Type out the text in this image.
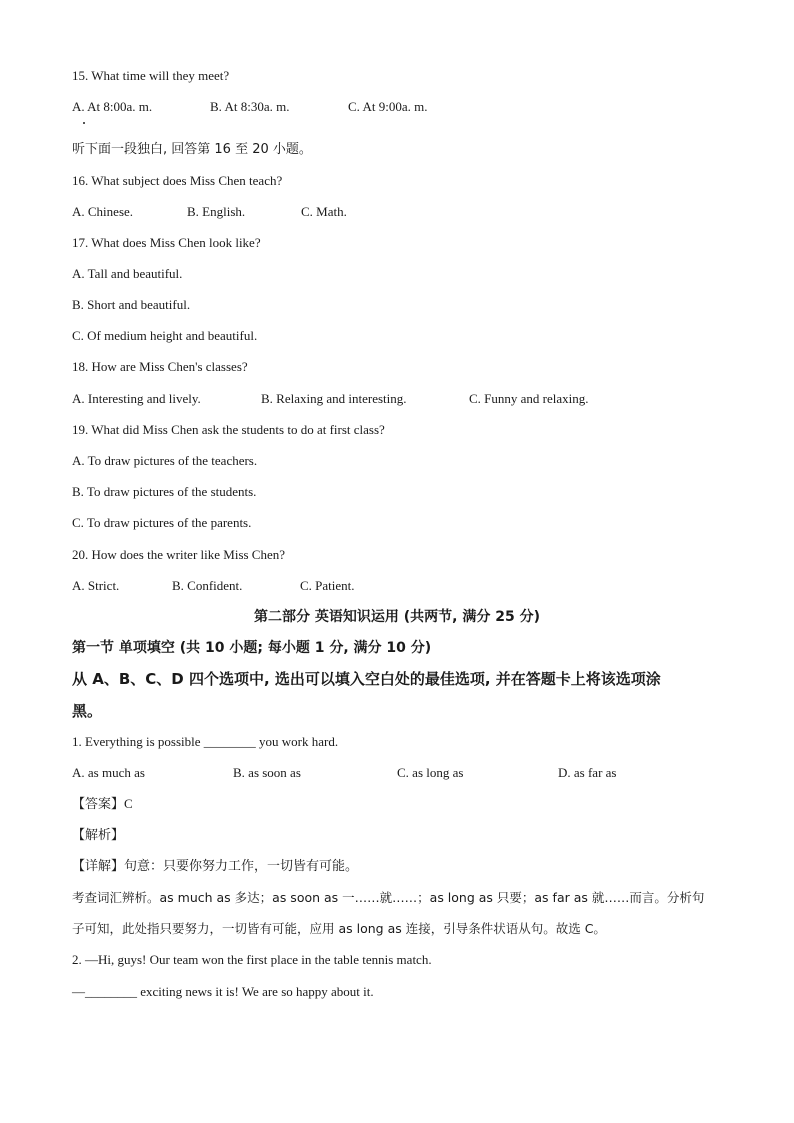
15. What time will they meet?
A. At 8:00a. m.	B. At 8:30a. m.	C. At 9:00a. m.
听下面一段独白, 回答第 16 至 20 小题。
16. What subject does Miss Chen teach?
A. Chinese.	B. English.	C. Math.
17. What does Miss Chen look like?
A. Tall and beautiful.
B. Short and beautiful.
C. Of medium height and beautiful.
18. How are Miss Chen's classes?
A. Interesting and lively.	B. Relaxing and interesting.	C. Funny and relaxing.
19. What did Miss Chen ask the students to do at first class?
A. To draw pictures of the teachers.
B. To draw pictures of the students.
C. To draw pictures of the parents.
20. How does the writer like Miss Chen?
A. Strict.	B. Confident.	C. Patient.
第二部分 英语知识运用 (共两节, 满分 25 分)
第一节 单项填空 (共 10 小题; 每小题 1 分, 满分 10 分)
从 A、B、C、D 四个选项中, 选出可以填入空白处的最佳选项, 并在答题卡上将该选项涂
黑。
1. Everything is possible ________ you work hard.
A. as much as	B. as soon as	C. as long as	D. as far as
【答案】C
【解析】
【详解】句意：只要你努力工作，一切皆有可能。
考查词汇辨析。as much as 多达；as soon as 一……就……；as long as 只要；as far as 就……而言。分析句
子可知，此处指只要努力，一切皆有可能，应用 as long as 连接，引导条件状语从句。故选 C。
2. —Hi, guys! Our team won the first place in the table tennis match.
—________ exciting news it is! We are so happy about it.
